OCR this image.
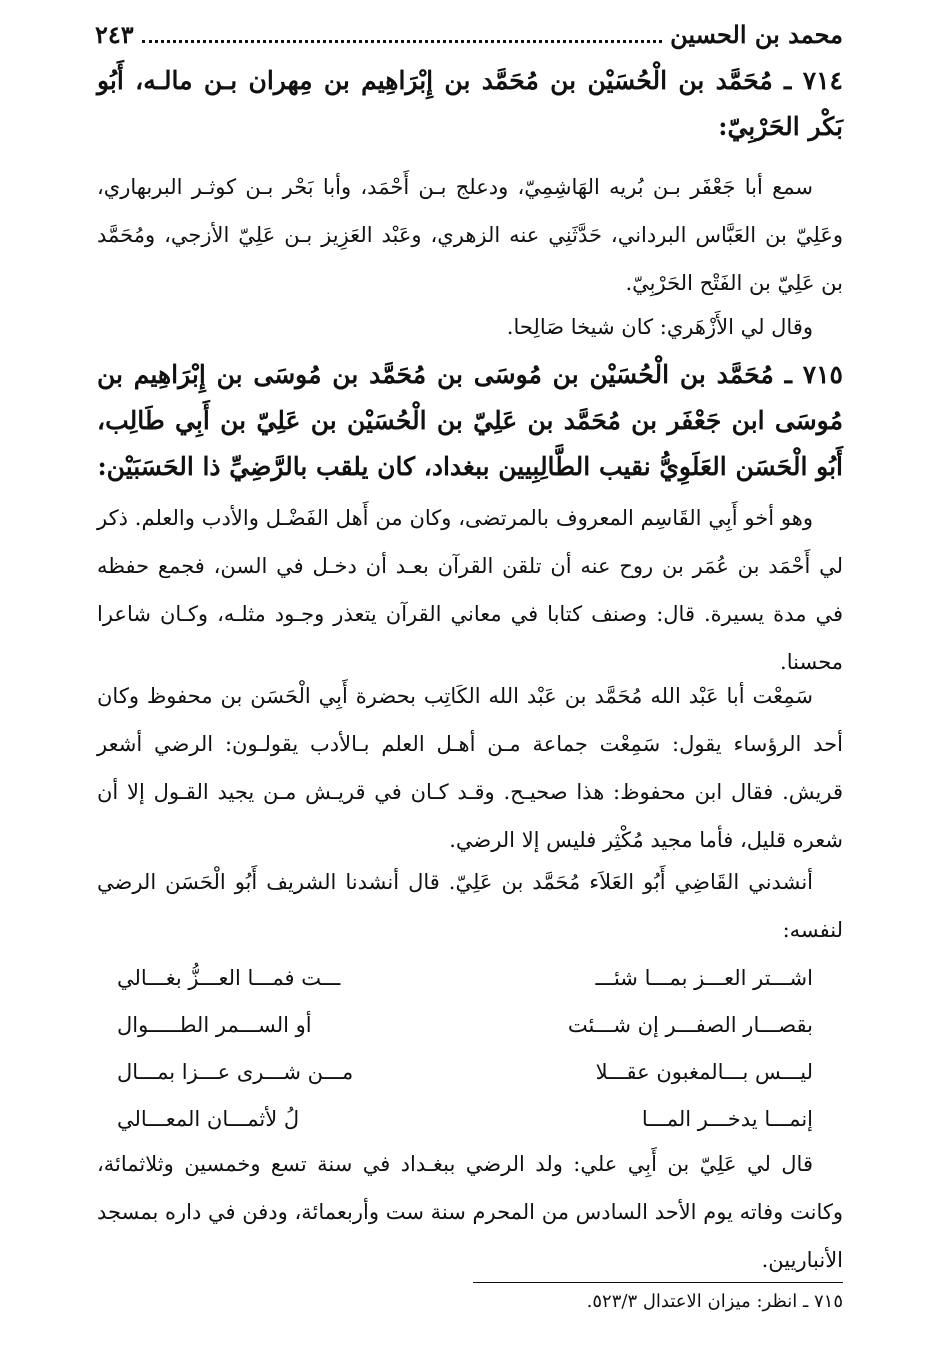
محمد بن الحسين
٢٤٣
٧١٤ ـ مُحَمَّد بن الْحُسَيْن بن مُحَمَّد بن إِبْرَاهِيم بن مِهران بـن مالـه، أَبُو بَكْر الحَرْبِيّ:
سمع أبا جَعْفَر بـن بُريه الهَاشِمِيّ، ودعلج بـن أَحْمَد، وأبا بَحْر بـن كوثـر البربهاري، وعَلِيّ بن العَبَّاس البرداني، حَدَّثَنِي عنه الزهري، وعَبْد العَزِيز بـن عَلِيّ الأزجي، ومُحَمَّد بن عَلِيّ بن الفَتْح الحَرْبِيّ.
وقال لي الأَزْهَري: كان شيخا صَالِحا.
٧١٥ ـ مُحَمَّد بن الْحُسَيْن بن مُوسَى بن مُحَمَّد بن مُوسَى بن إِبْرَاهِيم بن مُوسَى ابن جَعْفَر بن مُحَمَّد بن عَلِيّ بن الْحُسَيْن بن عَلِيّ بن أَبِي طَالِب، أَبُو الْحَسَن العَلَوِيُّ نقيب الطَّالِبِيين ببغداد، كان يلقب بالرَّضِيِّ ذا الحَسَبَيْن:
وهو أخو أَبِي القَاسِم المعروف بالمرتضى، وكان من أَهل الفَضْـل والأدب والعلم. ذكر لي أَحْمَد بن عُمَر بن روح عنه أن تلقن القرآن بعـد أن دخـل في السن، فجمع حفظه في مدة يسيرة. قال: وصنف كتابا في معاني القرآن يتعذر وجـود مثلـه، وكـان شاعرا محسنا.
سَمِعْت أبا عَبْد الله مُحَمَّد بن عَبْد الله الكَاتِب بحضرة أَبِي الْحَسَن بن محفوظ وكان أحد الرؤساء يقول: سَمِعْت جماعة مـن أهـل العلم بـالأدب يقولـون: الرضي أشعر قريش. فقال ابن محفوظ: هذا صحيـح. وقـد كـان في قريـش مـن يجيد القـول إلا أن شعره قليل، فأما مجيد مُكْثِر فليس إلا الرضي.
أنشدني القَاضِي أَبُو العَلاَء مُحَمَّد بن عَلِيّ. قال أنشدنا الشريف أَبُو الْحَسَن الرضي لنفسه:
اشـــتر العـــز بمـــا شئـــ
ـــت فمـــا العـــزُّ بغـــالي
بقصـــار الصفـــر إن شـــئت
أو الســـمر الطـــــوال
ليـــس بـــالمغبون عقـــلا
مـــن شـــرى عـــزا بمـــال
إنمـــا يدخـــر المـــا
لُ لأثمـــان المعـــالي
قال لي عَلِيّ بن أَبِي علي: ولد الرضي ببغـداد في سنة تسع وخمسين وثلاثمائة، وكانت وفاته يوم الأحد السادس من المحرم سنة ست وأربعمائة، ودفن في داره بمسجد الأنباريين.
٧١٥ ـ انظر: ميزان الاعتدال ٥٢٣/٣.
